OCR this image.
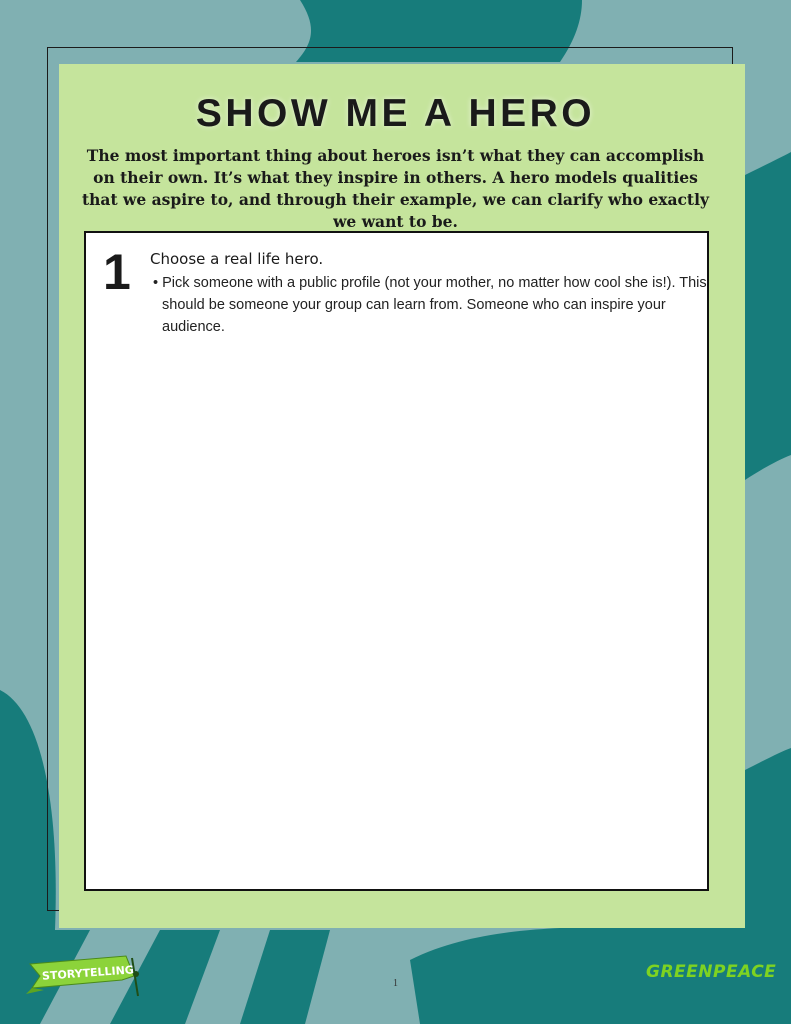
SHOW ME A HERO

The most important thing about heroes isn’t what they can accomplish on their own. It’s what they inspire in others. A hero models qualities that we aspire to, and through their example, we can clarify who exactly we want to be.

1 Choose a real life hero.
• Pick someone with a public profile (not your mother, no matter how cool she is!). This should be someone your group can learn from. Someone who can inspire your audience.
STORYTELLING	GREENPEACE
1
